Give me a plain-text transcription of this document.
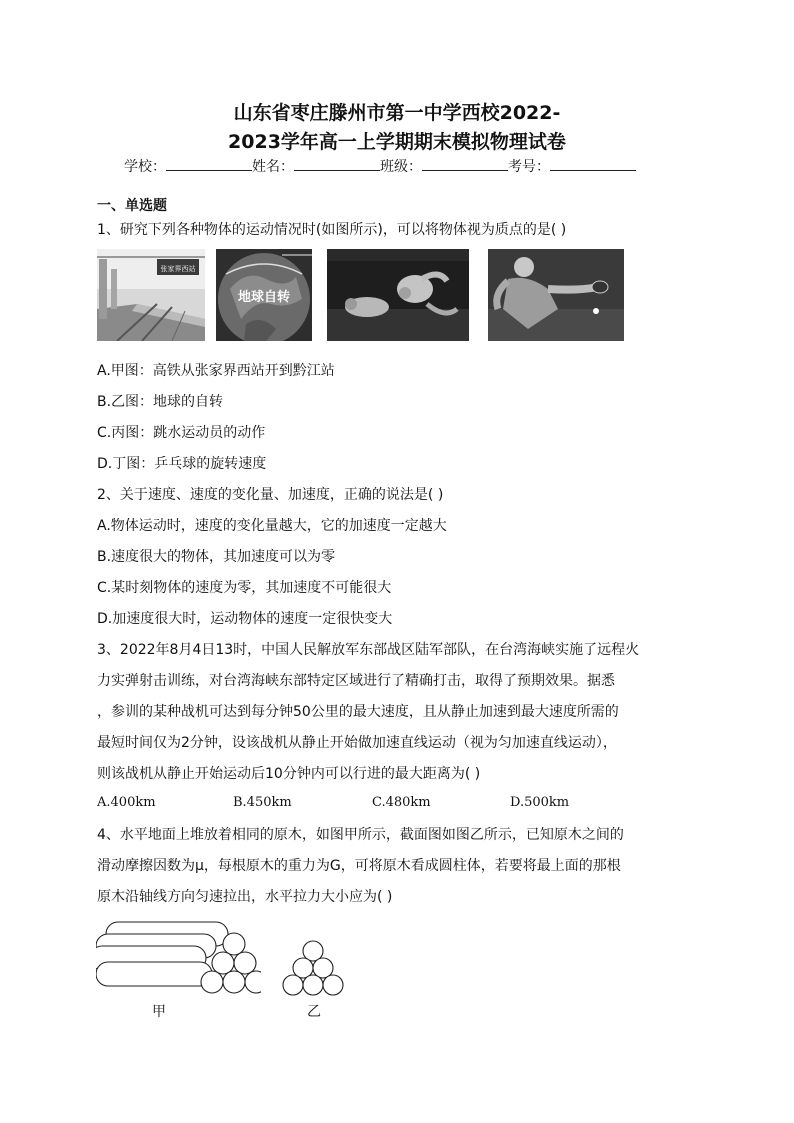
山东省枣庄滕州市第一中学西校2022-
2023学年高一上学期期末模拟物理试卷
学校：	姓名：	班级：	考号：
一、单选题
1、研究下列各种物体的运动情况时(如图所示)，可以将物体视为质点的是( )
张家界西站
地球自转
A.甲图：高铁从张家界西站开到黔江站
B.乙图：地球的自转
C.丙图：跳水运动员的动作
D.丁图：乒乓球的旋转速度
2、关于速度、速度的变化量、加速度，正确的说法是( )
A.物体运动时，速度的变化量越大，它的加速度一定越大
B.速度很大的物体，其加速度可以为零
C.某时刻物体的速度为零，其加速度不可能很大
D.加速度很大时，运动物体的速度一定很快变大
3、2022年8月4日13时，中国人民解放军东部战区陆军部队，在台湾海峡实施了远程火
力实弹射击训练，对台湾海峡东部特定区域进行了精确打击，取得了预期效果。据悉
，参训的某种战机可达到每分钟50公里的最大速度，且从静止加速到最大速度所需的
最短时间仅为2分钟，设该战机从静止开始做加速直线运动（视为匀加速直线运动），
则该战机从静止开始运动后10分钟内可以行进的最大距离为( )
A.400km	B.450km	C.480km	D.500km
4、水平地面上堆放着相同的原木，如图甲所示，截面图如图乙所示，已知原木之间的
滑动摩擦因数为μ，每根原木的重力为G，可将原木看成圆柱体，若要将最上面的那根
原木沿轴线方向匀速拉出，水平拉力大小应为( )
甲	乙
